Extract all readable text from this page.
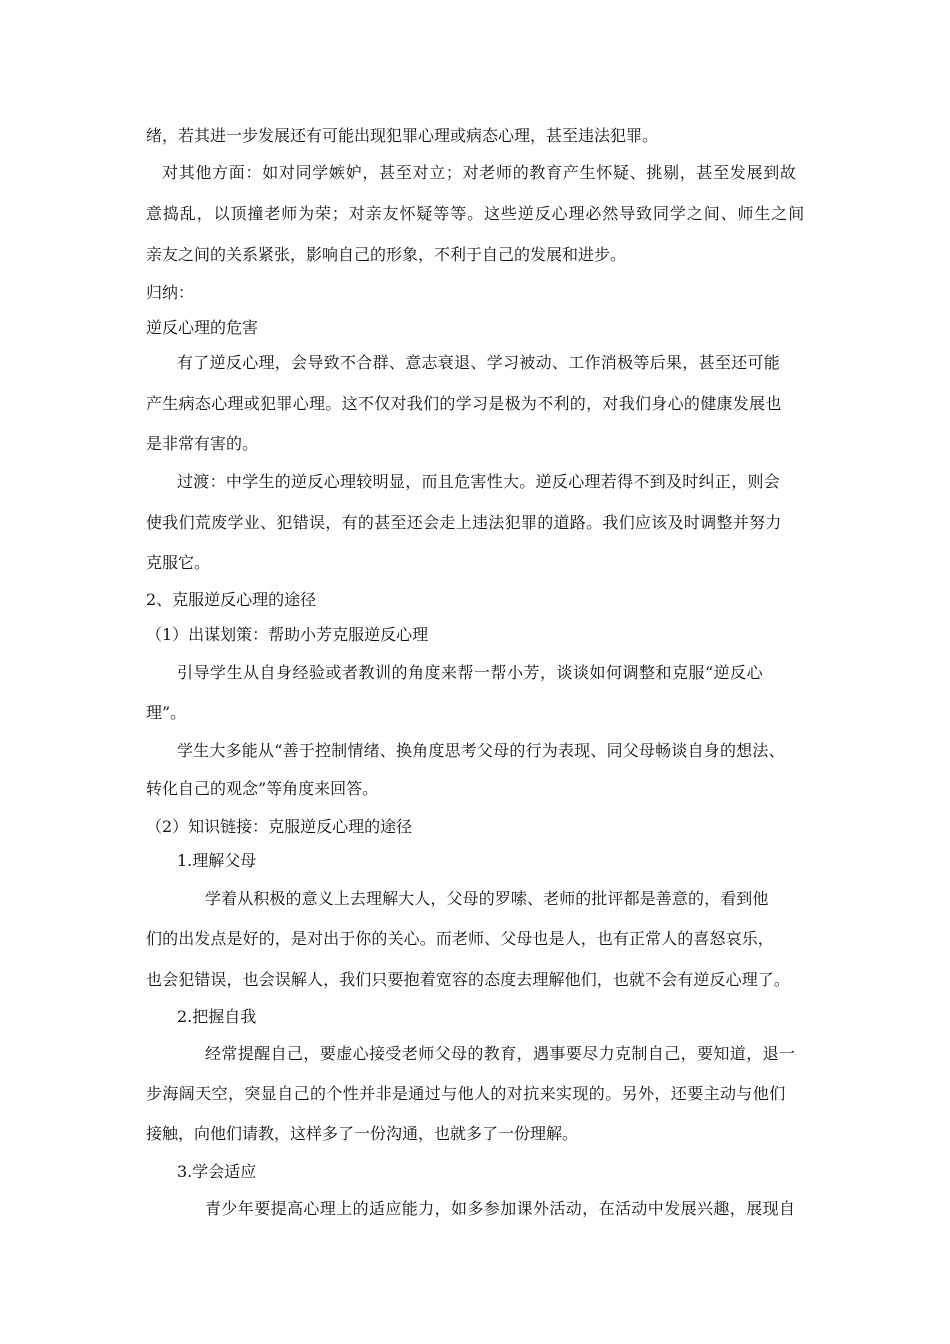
绪，若其进一步发展还有可能出现犯罪心理或病态心理，甚至违法犯罪。
对其他方面：如对同学嫉妒，甚至对立；对老师的教育产生怀疑、挑剔，甚至发展到故
意捣乱，以顶撞老师为荣；对亲友怀疑等等。这些逆反心理必然导致同学之间、师生之间
亲友之间的关系紧张，影响自己的形象，不利于自己的发展和进步。
归纳：
逆反心理的危害
有了逆反心理，会导致不合群、意志衰退、学习被动、工作消极等后果，甚至还可能
产生病态心理或犯罪心理。这不仅对我们的学习是极为不利的，对我们身心的健康发展也
是非常有害的。
过渡：中学生的逆反心理较明显，而且危害性大。逆反心理若得不到及时纠正，则会
使我们荒废学业、犯错误，有的甚至还会走上违法犯罪的道路。我们应该及时调整并努力
克服它。
2、克服逆反心理的途径
（1）出谋划策：帮助小芳克服逆反心理
引导学生从自身经验或者教训的角度来帮一帮小芳，谈谈如何调整和克服“逆反心
理”。
学生大多能从“善于控制情绪、换角度思考父母的行为表现、同父母畅谈自身的想法、
转化自己的观念”等角度来回答。
（2）知识链接：克服逆反心理的途径
1.理解父母
学着从积极的意义上去理解大人，父母的罗嗦、老师的批评都是善意的，看到他
们的出发点是好的，是对出于你的关心。而老师、父母也是人，也有正常人的喜怒哀乐，
也会犯错误，也会误解人，我们只要抱着宽容的态度去理解他们，也就不会有逆反心理了。
2.把握自我
经常提醒自己，要虚心接受老师父母的教育，遇事要尽力克制自己，要知道，退一
步海阔天空，突显自己的个性并非是通过与他人的对抗来实现的。另外，还要主动与他们
接触，向他们请教，这样多了一份沟通，也就多了一份理解。
3.学会适应
青少年要提高心理上的适应能力，如多参加课外活动，在活动中发展兴趣，展现自
